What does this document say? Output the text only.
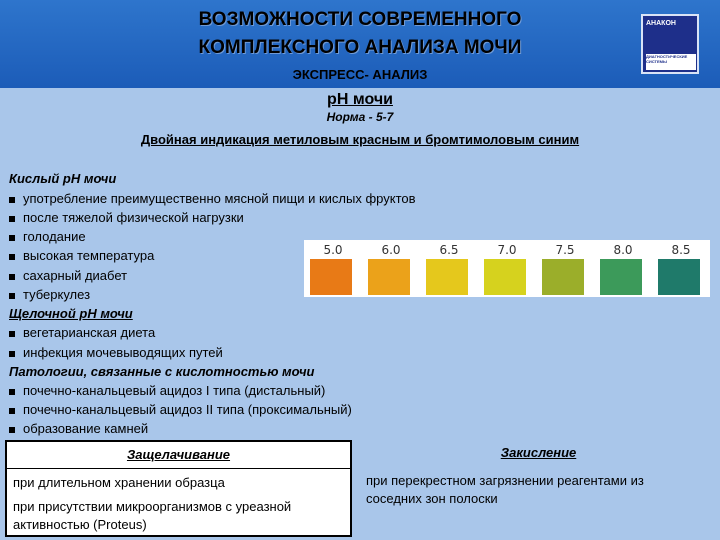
ВОЗМОЖНОСТИ СОВРЕМЕННОГО
КОМПЛЕКСНОГО АНАЛИЗА МОЧИ
ЭКСПРЕСС- АНАЛИЗ
АНАКОН
ДИАГНОСТИЧЕСКИЕ СИСТЕМЫ
рН мочи
Норма - 5-7
Двойная индикация метиловым красным и бромтимоловым синим
Кислый рН мочи
употребление преимущественно мясной пищи и кислых фруктов
после тяжелой физической нагрузки
голодание
высокая температура
сахарный диабет
туберкулез
Щелочной рН мочи
вегетарианская диета
инфекция мочевыводящих путей
Патологии, связанные с кислотностью мочи
почечно-канальцевый ацидоз I типа (дистальный)
почечно-канальцевый ацидоз II типа (проксимальный)
образование камней
5.0	6.0	6.5	7.0	7.5	8.0	8.5
Защелачивание
при длительном хранении образца
при присутствии микроорганизмов с уреазной активностью (Proteus)
Закисление
при перекрестном загрязнении реагентами из соседних зон полоски
